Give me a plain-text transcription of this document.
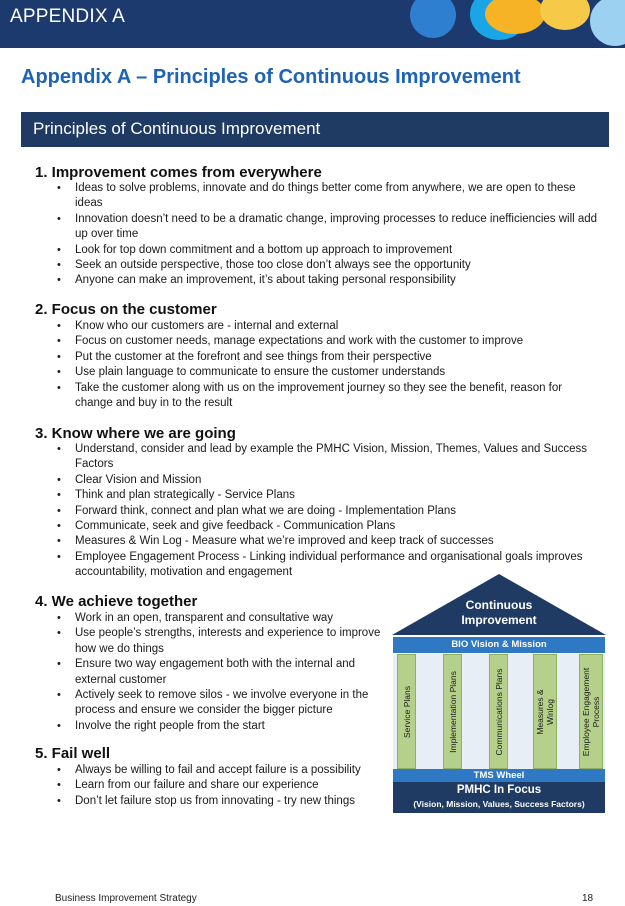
APPENDIX A
Appendix A – Principles of Continuous Improvement
Principles of Continuous Improvement
1. Improvement comes from everywhere
• Ideas to solve problems, innovate and do things better come from anywhere, we are open to these ideas
• Innovation doesn’t need to be a dramatic change, improving processes to reduce inefficiencies will add up over time
• Look for top down commitment and a bottom up approach to improvement
• Seek an outside perspective, those too close don’t always see the opportunity
• Anyone can make an improvement, it’s about taking personal responsibility
2. Focus on the customer
• Know who our customers are - internal and external
• Focus on customer needs, manage expectations and work with the customer to improve
• Put the customer at the forefront and see things from their perspective
• Use plain language to communicate to ensure the customer understands
• Take the customer along with us on the improvement journey so they see the benefit, reason for change and buy in to the result
3. Know where we are going
• Understand, consider and lead by example the PMHC Vision, Mission, Themes, Values and Success Factors
• Clear Vision and Mission
• Think and plan strategically - Service Plans
• Forward think, connect and plan what we are doing - Implementation Plans
• Communicate, seek and give feedback - Communication Plans
• Measures & Win Log - Measure what we’re improved and keep track of successes
• Employee Engagement Process - Linking individual performance and organisational goals improves accountability, motivation and engagement
4. We achieve together
• Work in an open, transparent and consultative way
• Use people’s strengths, interests and experience to improve how we do things
• Ensure two way engagement both with the internal and external customer
• Actively seek to remove silos - we involve everyone in the process and ensure we consider the bigger picture
• Involve the right people from the start
5. Fail well
• Always be willing to fail and accept failure is a possibility
• Learn from our failure and share our experience
• Don’t let failure stop us from innovating - try new things
Continuous
Improvement
BIO Vision & Mission
Service Plans	Implementation Plans	Communications Plans	Measures &
Winlog	Employee Engagement
Process
TMS Wheel
PMHC In Focus
(Vision, Mission, Values, Success Factors)
Business Improvement Strategy	18
